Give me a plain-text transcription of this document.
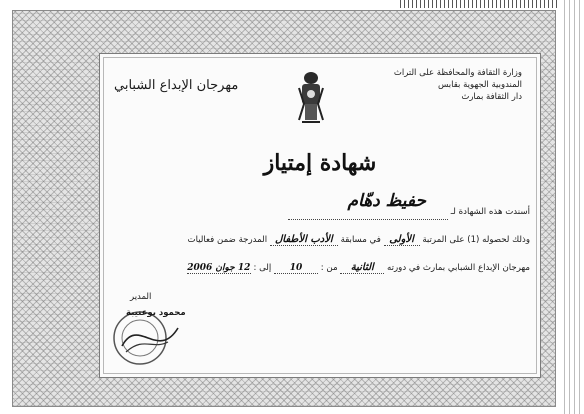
وزارة الثقافة والمحافظة على التراث
المندوبية الجهوية بقابس
دار الثقافة بمارث
مهرجان الإبداع الشبابي
شهادة إمتياز
أسندت هذه الشهادة لـ حفيظ دهّام
وذلك لحصوله (1) على المرتبة الأولى في مسابقة الأدب الأطفال المدرجة ضمن فعاليات
مهرجان الإبداع الشبابي بمارث في دورته الثانية من : 10 إلى : 12 جوان 2006
المدير
محمود بوعنيبة
